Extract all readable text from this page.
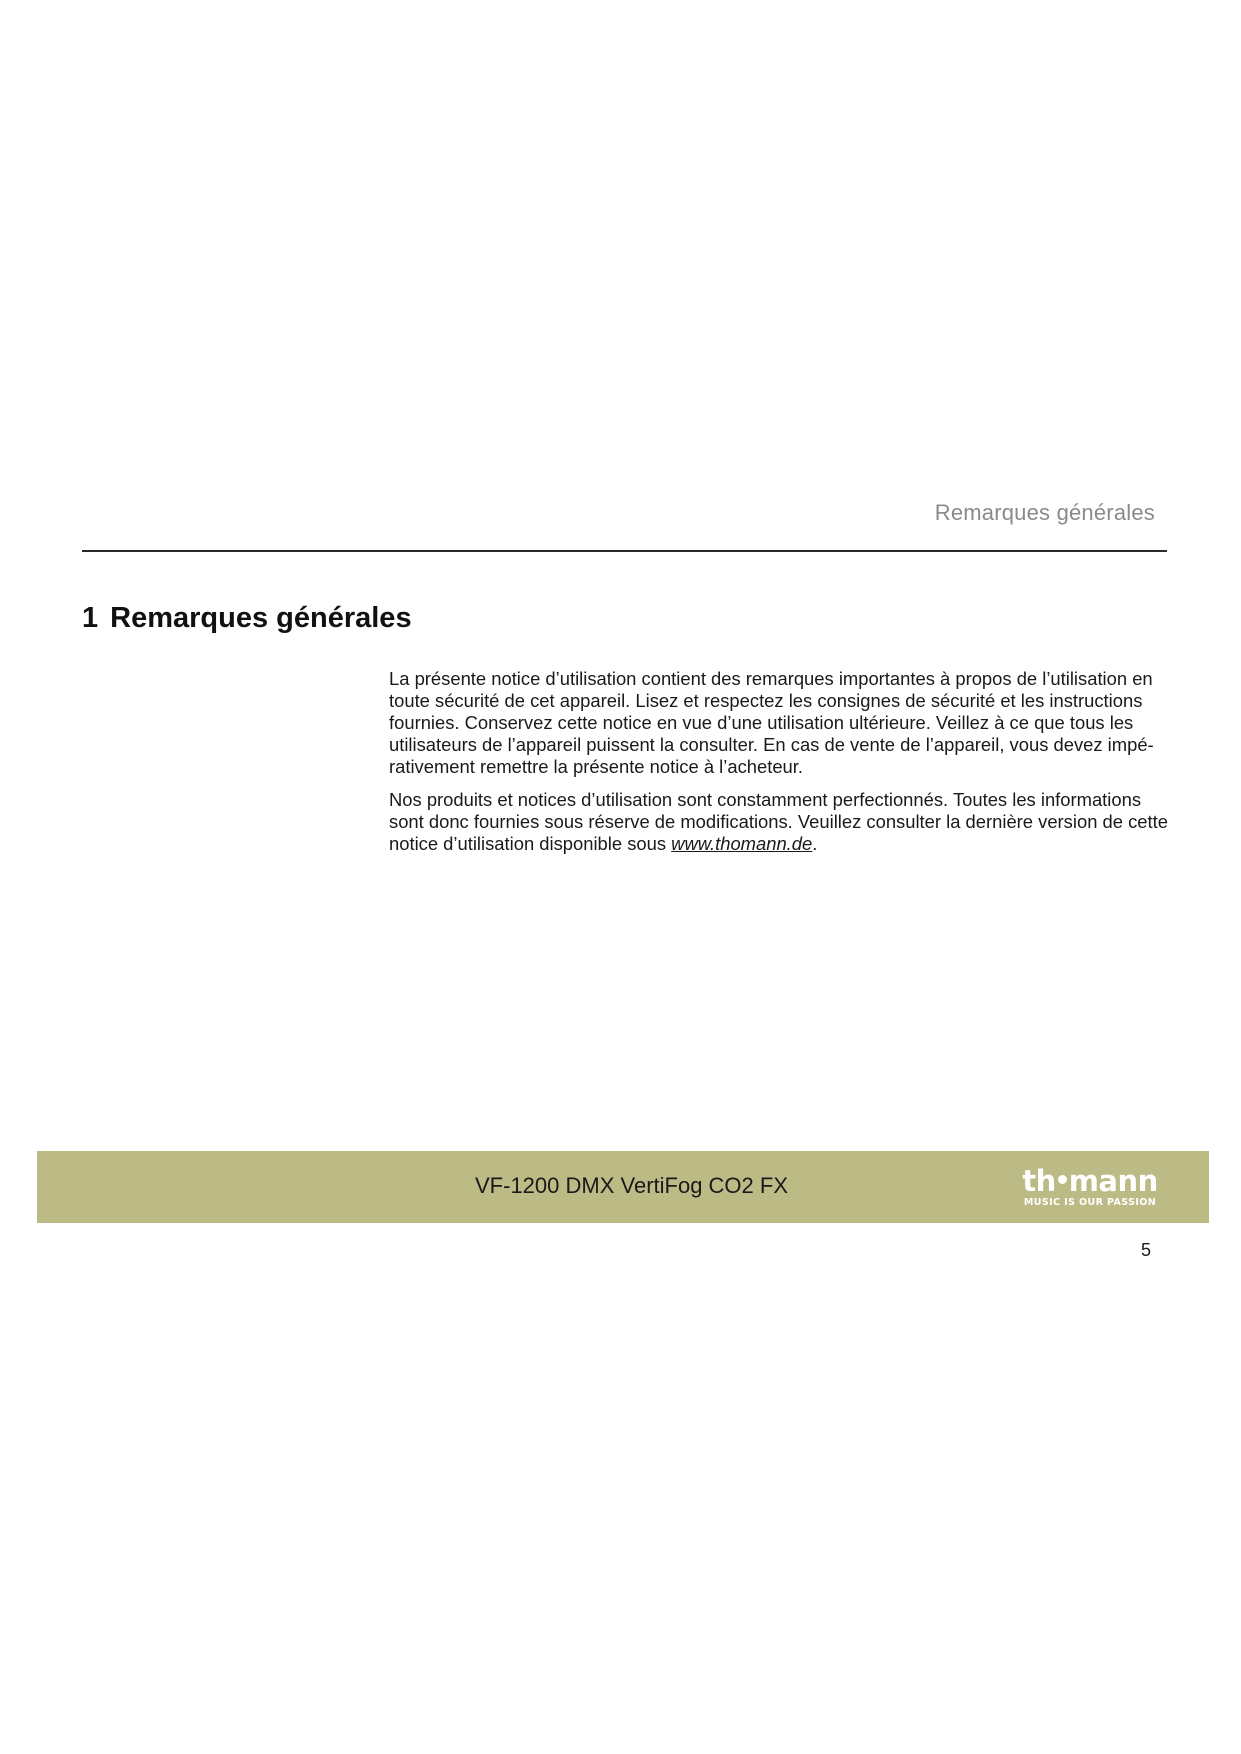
Remarques générales
1 Remarques générales

La présente notice d’utilisation contient des remarques importantes à propos de l’utilisation en toute sécurité de cet appareil. Lisez et respectez les consignes de sécurité et les instructions fournies. Conservez cette notice en vue d’une utilisation ultérieure. Veillez à ce que tous les utilisateurs de l’appareil puissent la consulter. En cas de vente de l’appareil, vous devez impérativement remettre la présente notice à l’acheteur.

Nos produits et notices d’utilisation sont constamment perfectionnés. Toutes les informations sont donc fournies sous réserve de modifications. Veuillez consulter la dernière version de cette notice d’utilisation disponible sous www.thomann.de.

VF-1200 DMX VertiFog CO2 FX	th mann
MUSIC IS OUR PASSION
5
